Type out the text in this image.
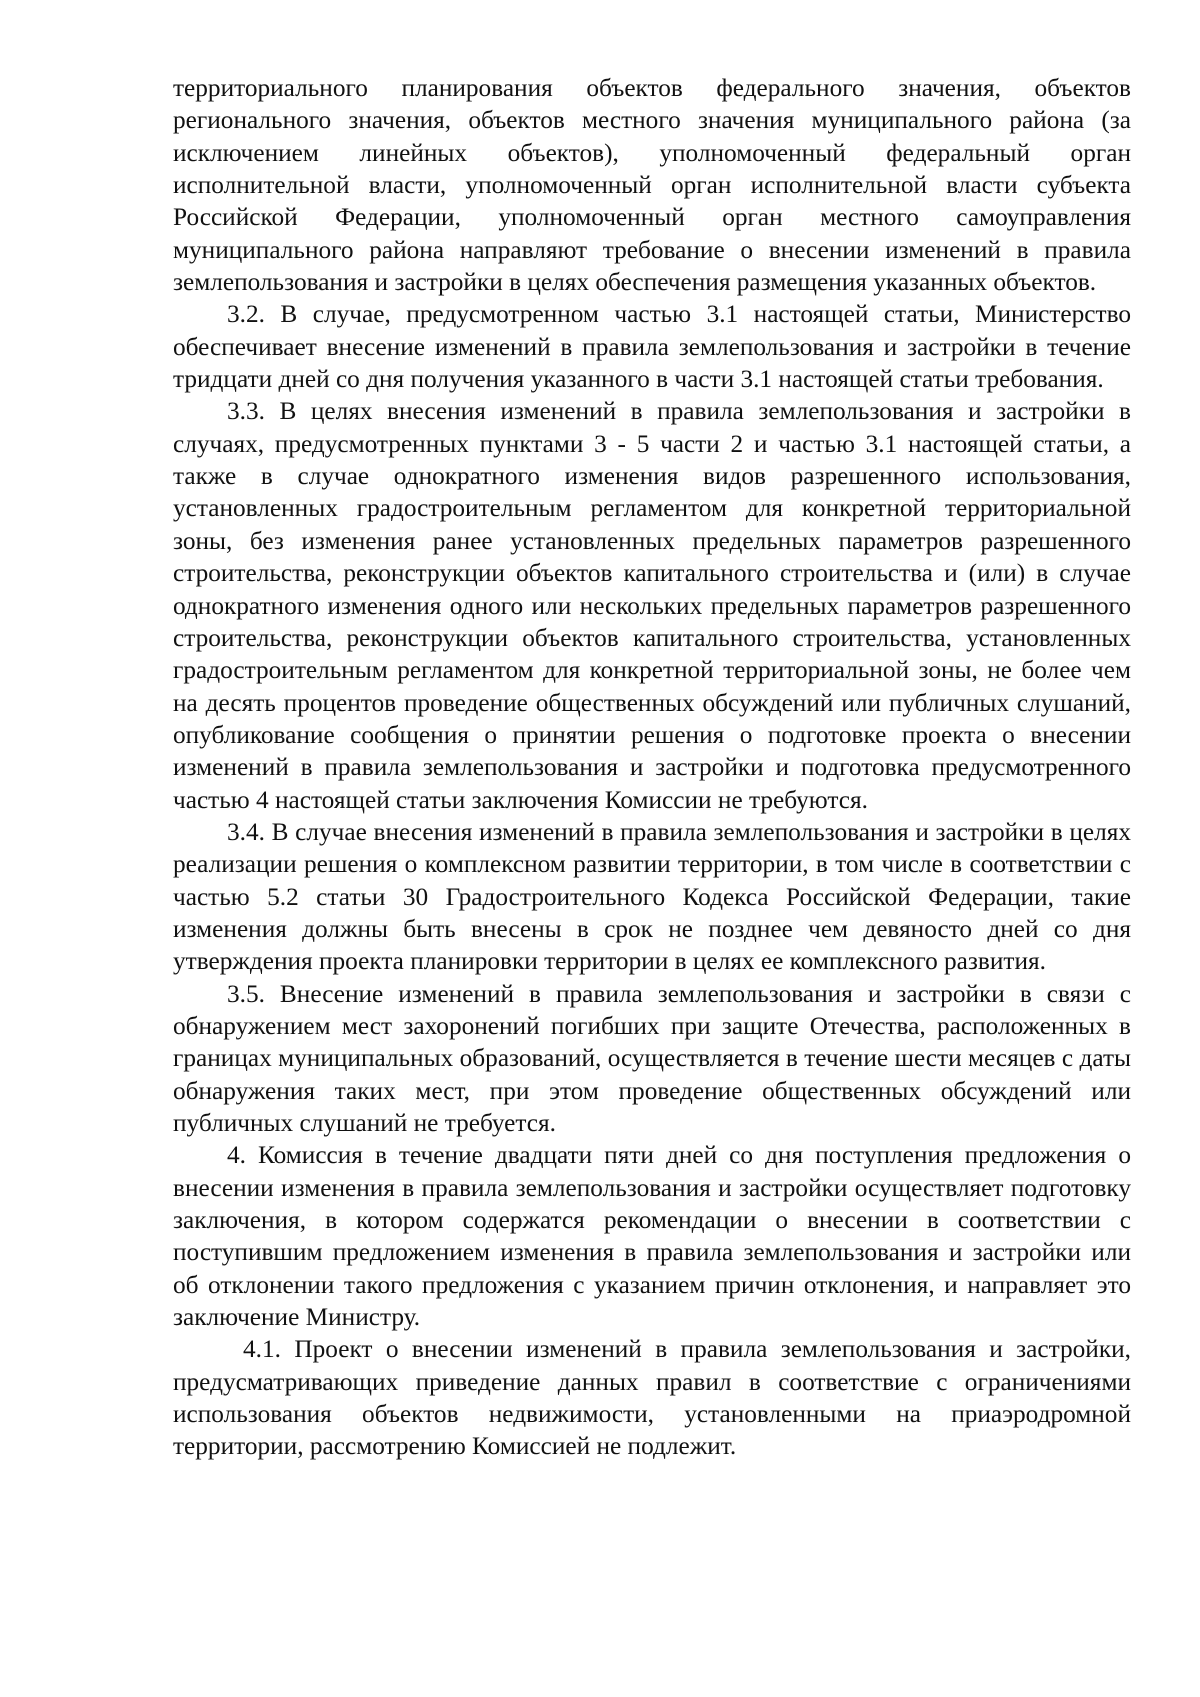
территориального планирования объектов федерального значения, объектов регионального значения, объектов местного значения муниципального района (за исключением линейных объектов), уполномоченный федеральный орган исполнительной власти, уполномоченный орган исполнительной власти субъекта Российской Федерации, уполномоченный орган местного самоуправления муниципального района направляют требование о внесении изменений в правила землепользования и застройки в целях обеспечения размещения указанных объектов.

3.2. В случае, предусмотренном частью 3.1 настоящей статьи, Министерство обеспечивает внесение изменений в правила землепользования и застройки в течение тридцати дней со дня получения указанного в части 3.1 настоящей статьи требования.

3.3. В целях внесения изменений в правила землепользования и застройки в случаях, предусмотренных пунктами 3 - 5 части 2 и частью 3.1 настоящей статьи, а также в случае однократного изменения видов разрешенного использования, установленных градостроительным регламентом для конкретной территориальной зоны, без изменения ранее установленных предельных параметров разрешенного строительства, реконструкции объектов капитального строительства и (или) в случае однократного изменения одного или нескольких предельных параметров разрешенного строительства, реконструкции объектов капитального строительства, установленных градостроительным регламентом для конкретной территориальной зоны, не более чем на десять процентов проведение общественных обсуждений или публичных слушаний, опубликование сообщения о принятии решения о подготовке проекта о внесении изменений в правила землепользования и застройки и подготовка предусмотренного частью 4 настоящей статьи заключения Комиссии не требуются.

3.4. В случае внесения изменений в правила землепользования и застройки в целях реализации решения о комплексном развитии территории, в том числе в соответствии с частью 5.2 статьи 30 Градостроительного Кодекса Российской Федерации, такие изменения должны быть внесены в срок не позднее чем девяносто дней со дня утверждения проекта планировки территории в целях ее комплексного развития.

3.5. Внесение изменений в правила землепользования и застройки в связи с обнаружением мест захоронений погибших при защите Отечества, расположенных в границах муниципальных образований, осуществляется в течение шести месяцев с даты обнаружения таких мест, при этом проведение общественных обсуждений или публичных слушаний не требуется.

4. Комиссия в течение двадцати пяти дней со дня поступления предложения о внесении изменения в правила землепользования и застройки осуществляет подготовку заключения, в котором содержатся рекомендации о внесении в соответствии с поступившим предложением изменения в правила землепользования и застройки или об отклонении такого предложения с указанием причин отклонения, и направляет это заключение Министру.

4.1. Проект о внесении изменений в правила землепользования и застройки, предусматривающих приведение данных правил в соответствие с ограничениями использования объектов недвижимости, установленными на приаэродромной территории, рассмотрению Комиссией не подлежит.
